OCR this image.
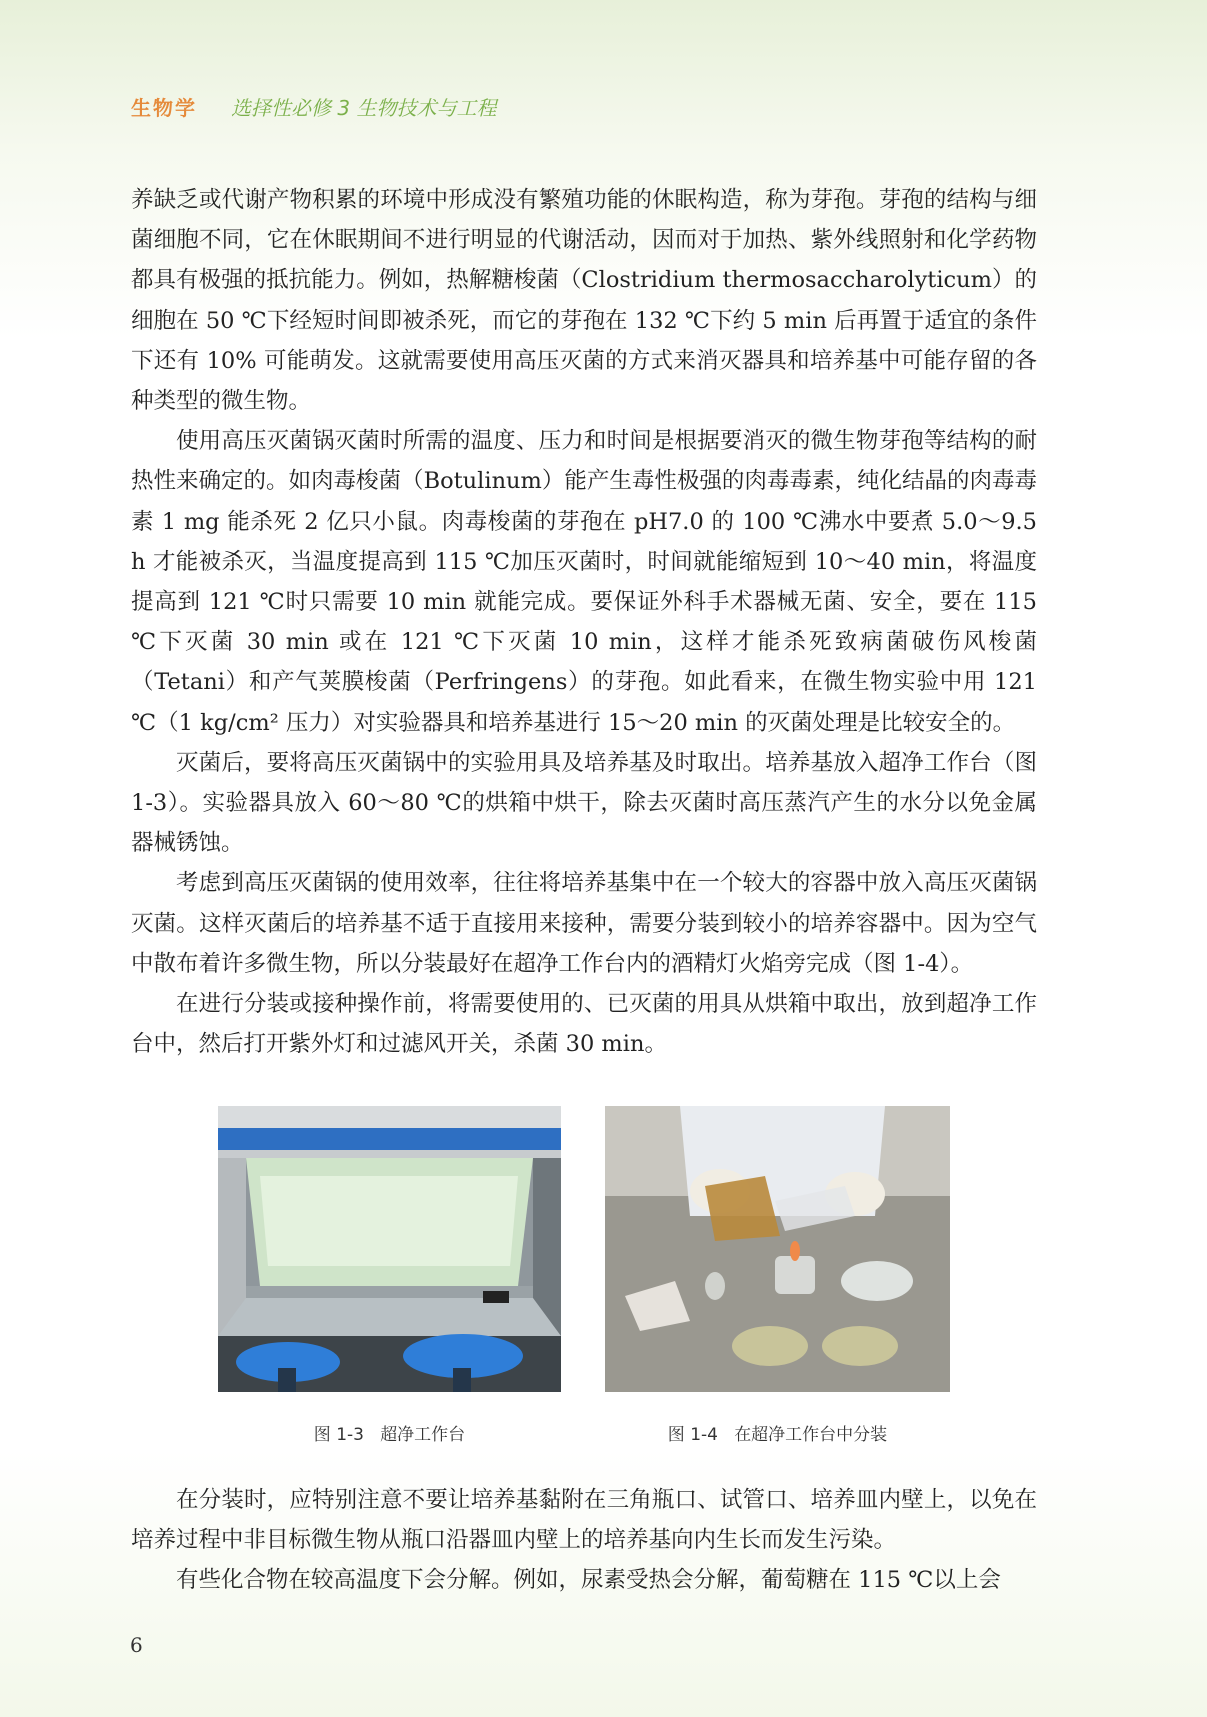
生物学 选择性必修 3 生物技术与工程

养缺乏或代谢产物积累的环境中形成没有繁殖功能的休眠构造，称为芽孢。芽孢的结构与细菌细胞不同，它在休眠期间不进行明显的代谢活动，因而对于加热、紫外线照射和化学药物都具有极强的抵抗能力。例如，热解糖梭菌（Clostridium thermosaccharolyticum）的细胞在 50 ℃下经短时间即被杀死，而它的芽孢在 132 ℃下约 5 min 后再置于适宜的条件下还有 10% 可能萌发。这就需要使用高压灭菌的方式来消灭器具和培养基中可能存留的各种类型的微生物。

使用高压灭菌锅灭菌时所需的温度、压力和时间是根据要消灭的微生物芽孢等结构的耐热性来确定的。如肉毒梭菌（Botulinum）能产生毒性极强的肉毒毒素，纯化结晶的肉毒毒素 1 mg 能杀死 2 亿只小鼠。肉毒梭菌的芽孢在 pH7.0 的 100 ℃沸水中要煮 5.0～9.5 h 才能被杀灭，当温度提高到 115 ℃加压灭菌时，时间就能缩短到 10～40 min，将温度提高到 121 ℃时只需要 10 min 就能完成。要保证外科手术器械无菌、安全，要在 115 ℃下灭菌 30 min 或在 121 ℃下灭菌 10 min，这样才能杀死致病菌破伤风梭菌（Tetani）和产气荚膜梭菌（Perfringens）的芽孢。如此看来，在微生物实验中用 121 ℃（1 kg/cm² 压力）对实验器具和培养基进行 15～20 min 的灭菌处理是比较安全的。

灭菌后，要将高压灭菌锅中的实验用具及培养基及时取出。培养基放入超净工作台（图 1-3）。实验器具放入 60～80 ℃的烘箱中烘干，除去灭菌时高压蒸汽产生的水分以免金属器械锈蚀。

考虑到高压灭菌锅的使用效率，往往将培养基集中在一个较大的容器中放入高压灭菌锅灭菌。这样灭菌后的培养基不适于直接用来接种，需要分装到较小的培养容器中。因为空气中散布着许多微生物，所以分装最好在超净工作台内的酒精灯火焰旁完成（图 1-4）。

在进行分装或接种操作前，将需要使用的、已灭菌的用具从烘箱中取出，放到超净工作台中，然后打开紫外灯和过滤风开关，杀菌 30 min。

图 1-3 超净工作台	图 1-4 在超净工作台中分装

在分装时，应特别注意不要让培养基黏附在三角瓶口、试管口、培养皿内壁上，以免在培养过程中非目标微生物从瓶口沿器皿内壁上的培养基向内生长而发生污染。

有些化合物在较高温度下会分解。例如，尿素受热会分解，葡萄糖在 115 ℃以上会

6
